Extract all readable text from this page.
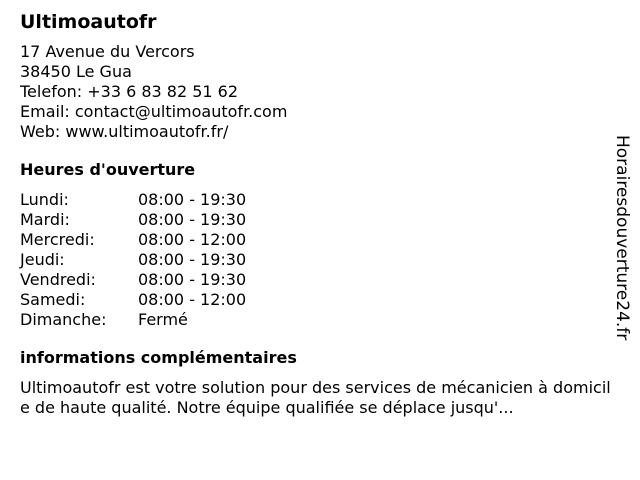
Ultimoautofr
17 Avenue du Vercors
38450 Le Gua
Telefon: +33 6 83 82 51 62
Email: contact@ultimoautofr.com
Web: www.ultimoautofr.fr/
Heures d'ouverture
Lundi:	08:00 - 19:30
Mardi:	08:00 - 19:30
Mercredi:	08:00 - 12:00
Jeudi:	08:00 - 19:30
Vendredi:	08:00 - 19:30
Samedi:	08:00 - 12:00
Dimanche:	Fermé
informations complémentaires
Ultimoautofr est votre solution pour des services de mécanicien à domicile de haute qualité. Notre équipe qualifiée se déplace jusqu'...
Horairesdouverture24.fr
